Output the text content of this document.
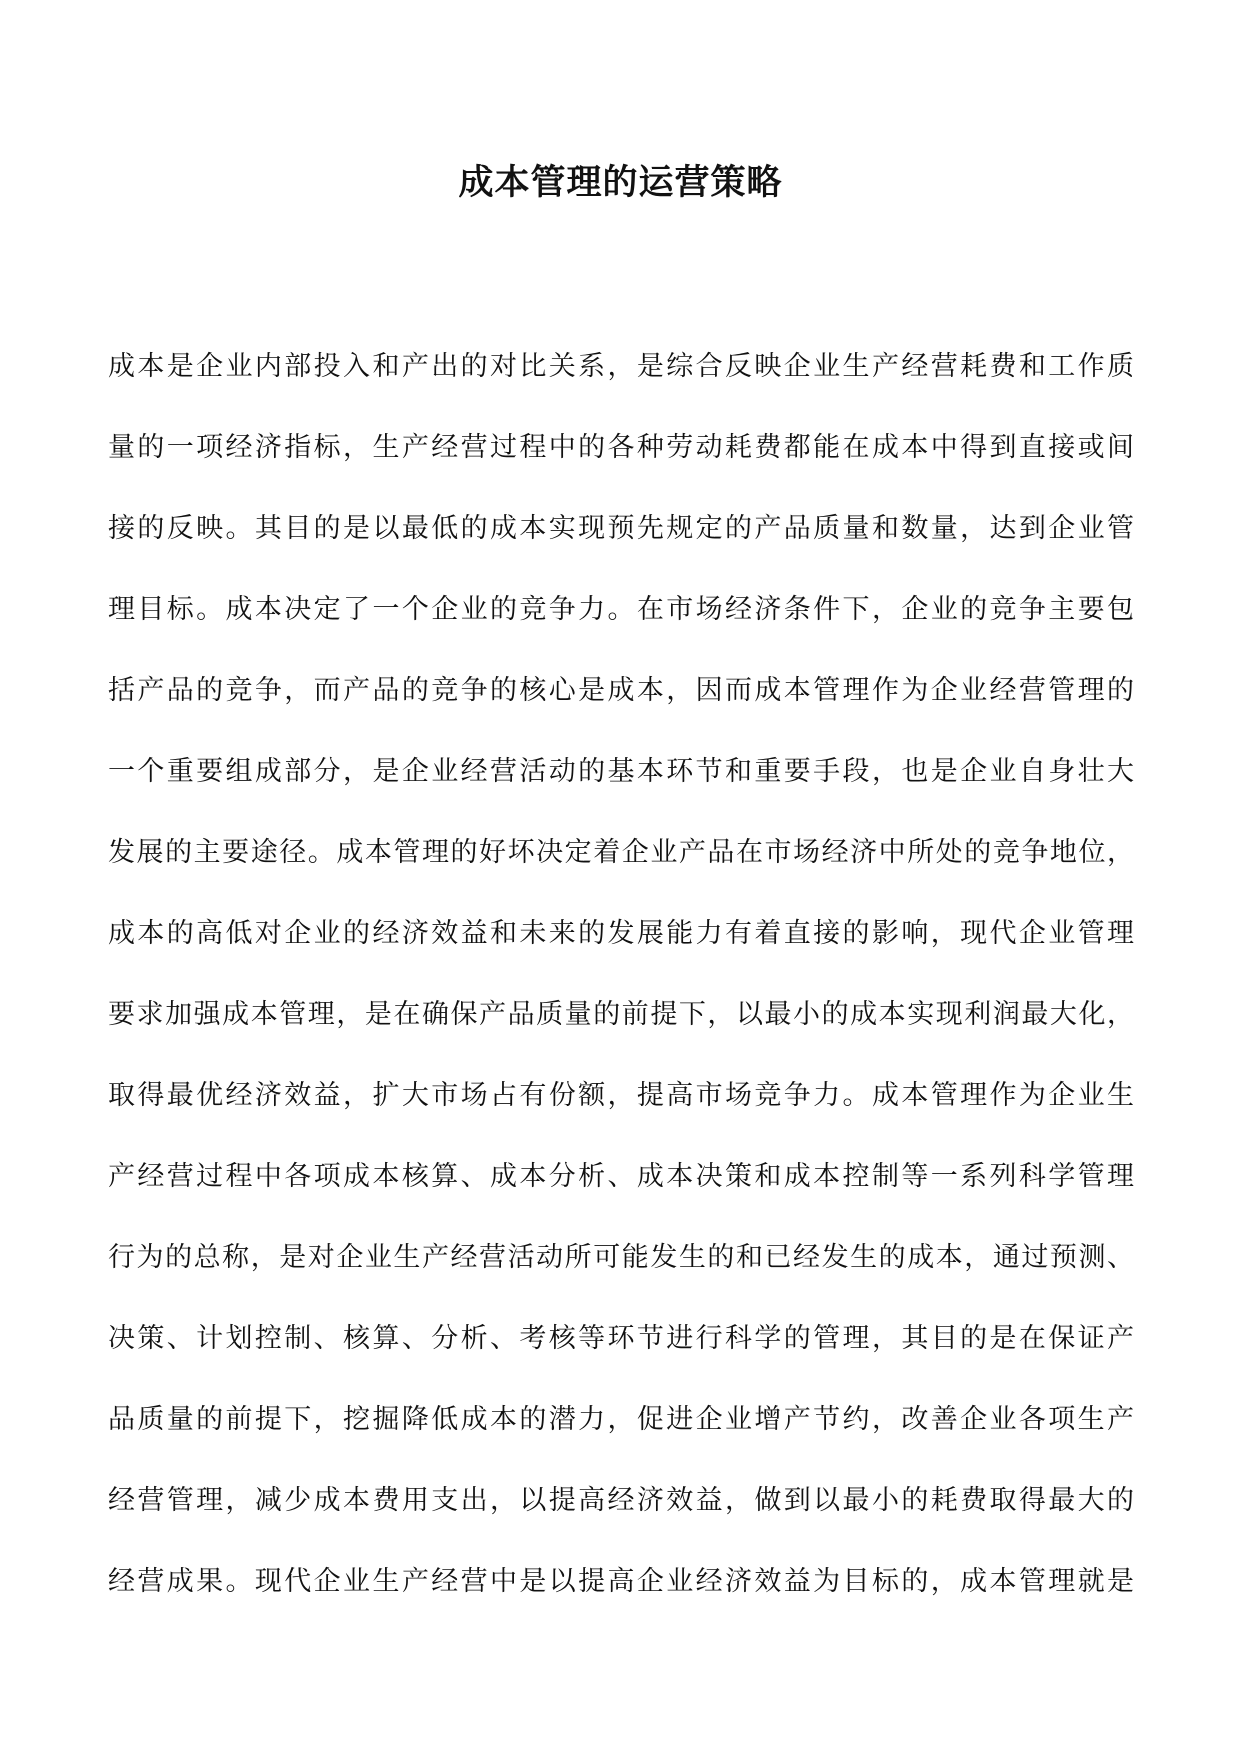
成本管理的运营策略
成本是企业内部投入和产出的对比关系，是综合反映企业生产经营耗费和工作质
量的一项经济指标，生产经营过程中的各种劳动耗费都能在成本中得到直接或间
接的反映。其目的是以最低的成本实现预先规定的产品质量和数量，达到企业管
理目标。成本决定了一个企业的竞争力。在市场经济条件下，企业的竞争主要包
括产品的竞争，而产品的竞争的核心是成本，因而成本管理作为企业经营管理的
一个重要组成部分，是企业经营活动的基本环节和重要手段，也是企业自身壮大
发展的主要途径。成本管理的好坏决定着企业产品在市场经济中所处的竞争地位，
成本的高低对企业的经济效益和未来的发展能力有着直接的影响，现代企业管理
要求加强成本管理，是在确保产品质量的前提下，以最小的成本实现利润最大化，
取得最优经济效益，扩大市场占有份额，提高市场竞争力。成本管理作为企业生
产经营过程中各项成本核算、成本分析、成本决策和成本控制等一系列科学管理
行为的总称，是对企业生产经营活动所可能发生的和已经发生的成本，通过预测、
决策、计划控制、核算、分析、考核等环节进行科学的管理，其目的是在保证产
品质量的前提下，挖掘降低成本的潜力，促进企业增产节约，改善企业各项生产
经营管理，减少成本费用支出，以提高经济效益，做到以最小的耗费取得最大的
经营成果。现代企业生产经营中是以提高企业经济效益为目标的，成本管理就是
